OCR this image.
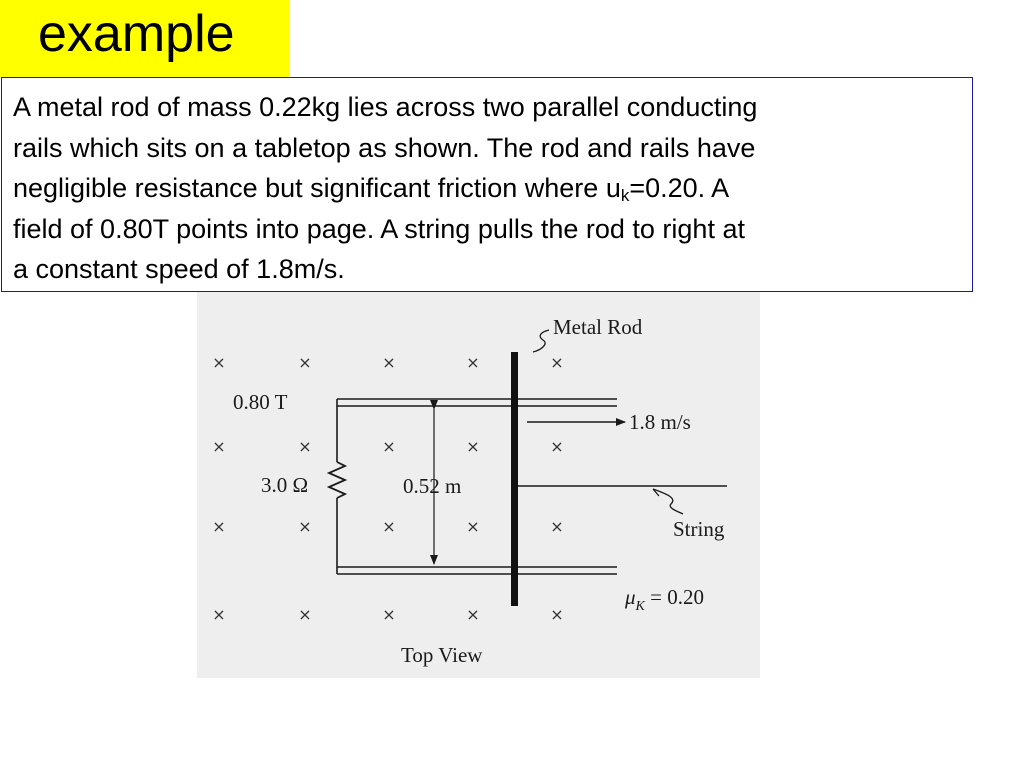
example
A metal rod of mass 0.22kg lies across two parallel conducting
rails which sits on a tabletop as shown. The rod and rails have
negligible resistance but significant friction where $u_k=0.20$. A
field of 0.80T points into page. A string pulls the rod to right at
a constant speed of 1.8m/s.
×	×	×	×	×
×	×	×	×	×
×	×	×	×	×
×	×	×	×	×
Metal Rod
0.80 T
1.8 m/s
3.0 Ω	0.52 m
String
$\mu_K = 0.20$
Top View
